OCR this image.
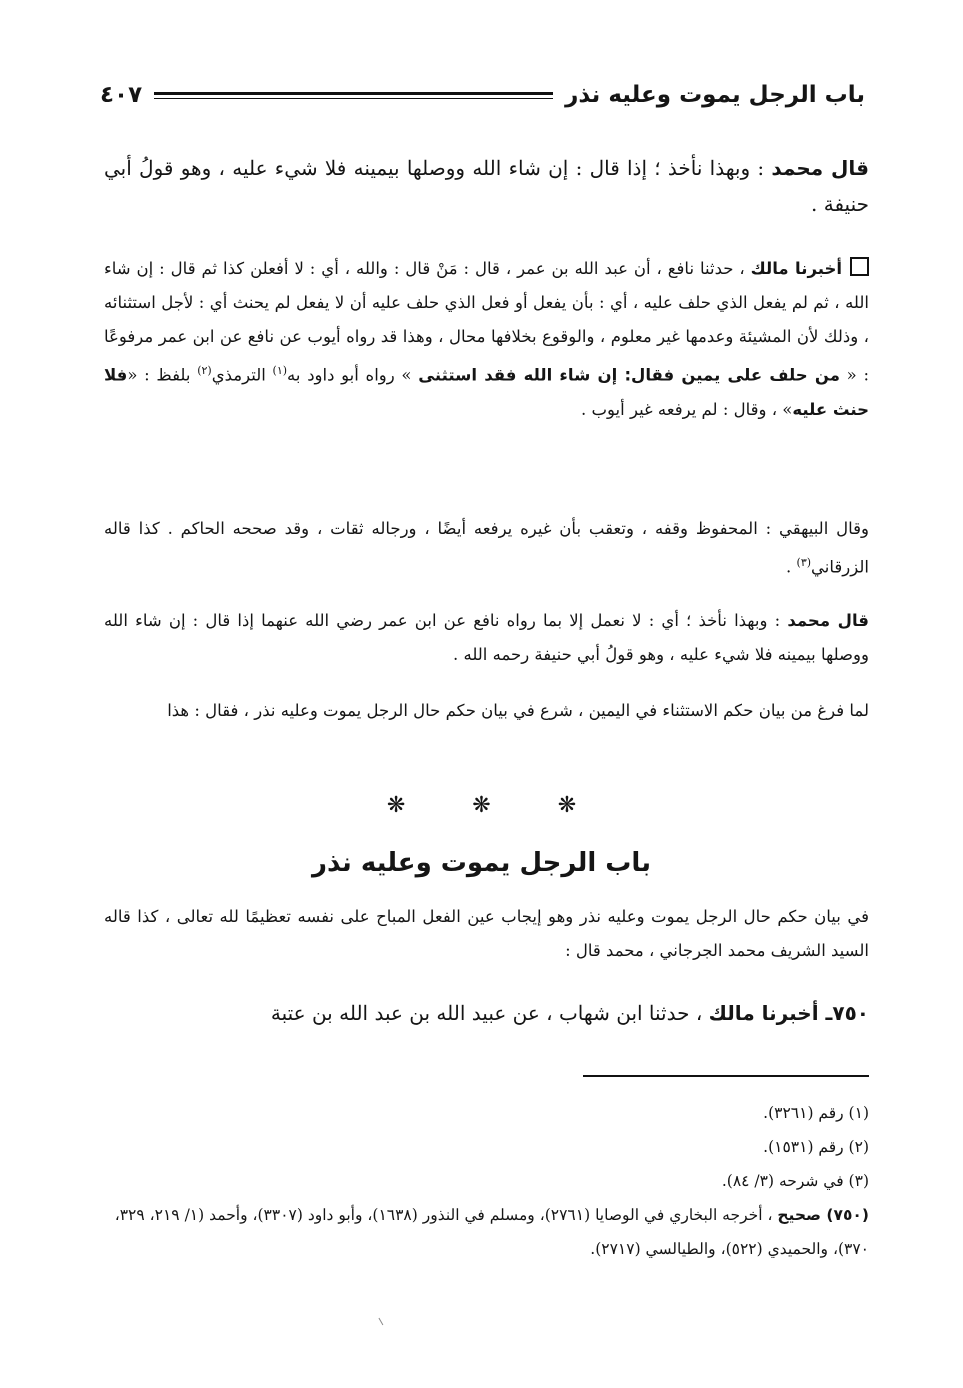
باب الرجل يموت وعليه نذر
٤٠٧
قال محمد : وبهذا نأخذ ؛ إذا قال : إن شاء الله ووصلها بيمينه فلا شيء عليه ، وهو قولُ أبي حنيفة .
أخبرنا مالك ، حدثنا نافع ، أن عبد الله بن عمر ، قال : مَنْ قال : والله ، أي : لا أفعلن كذا ثم قال : إن شاء الله ، ثم لم يفعل الذي حلف عليه ، أي : بأن يفعل أو فعل الذي حلف عليه أن لا يفعل لم يحنث أي : لأجل استثنائه ، وذلك لأن المشيئة وعدمها غير معلوم ، والوقوع بخلافها محال ، وهذا قد رواه أيوب عن نافع عن ابن عمر مرفوعًا : « من حلف على يمين فقال: إن شاء الله فقد استثنى » رواه أبو داود به$^{(١)}$ الترمذي$^{(٢)}$ بلفظ : «فلا حنث عليه» ، وقال : لم يرفعه غير أيوب .
وقال البيهقي : المحفوظ وقفه ، وتعقب بأن غيره يرفعه أيضًا ، ورجاله ثقات ، وقد صححه الحاكم . كذا قاله الزرقاني$^{(٣)}$ .
قال محمد : وبهذا نأخذ ؛ أي : لا نعمل إلا بما رواه نافع عن ابن عمر رضي الله عنهما إذا قال : إن شاء الله ووصلها بيمينه فلا شيء عليه ، وهو قولُ أبي حنيفة رحمه الله .
لما فرغ من بيان حكم الاستثناء في اليمين ، شرع في بيان حكم حال الرجل يموت وعليه نذر ، فقال : هذا
❋	❋	❋
باب الرجل يموت وعليه نذر
في بيان حكم حال الرجل يموت وعليه نذر وهو إيجاب عين الفعل المباح على نفسه تعظيمًا لله تعالى ، كذا قاله السيد الشريف محمد الجرجاني ، محمد قال :
٧٥٠ـ أخبرنا مالك ، حدثنا ابن شهاب ، عن عبيد الله بن عبد الله بن عتبة
(١) رقم (٣٢٦١).
(٢) رقم (١٥٣١).
(٣) في شرحه (٣/ ٨٤).
(٧٥٠) صحيح ، أخرجه البخاري في الوصايا (٢٧٦١)، ومسلم في النذور (١٦٣٨)، وأبو داود (٣٣٠٧)، وأحمد (١/ ٢١٩، ٣٢٩، ٣٧٠)، والحميدي (٥٢٢)، والطيالسي (٢٧١٧).
